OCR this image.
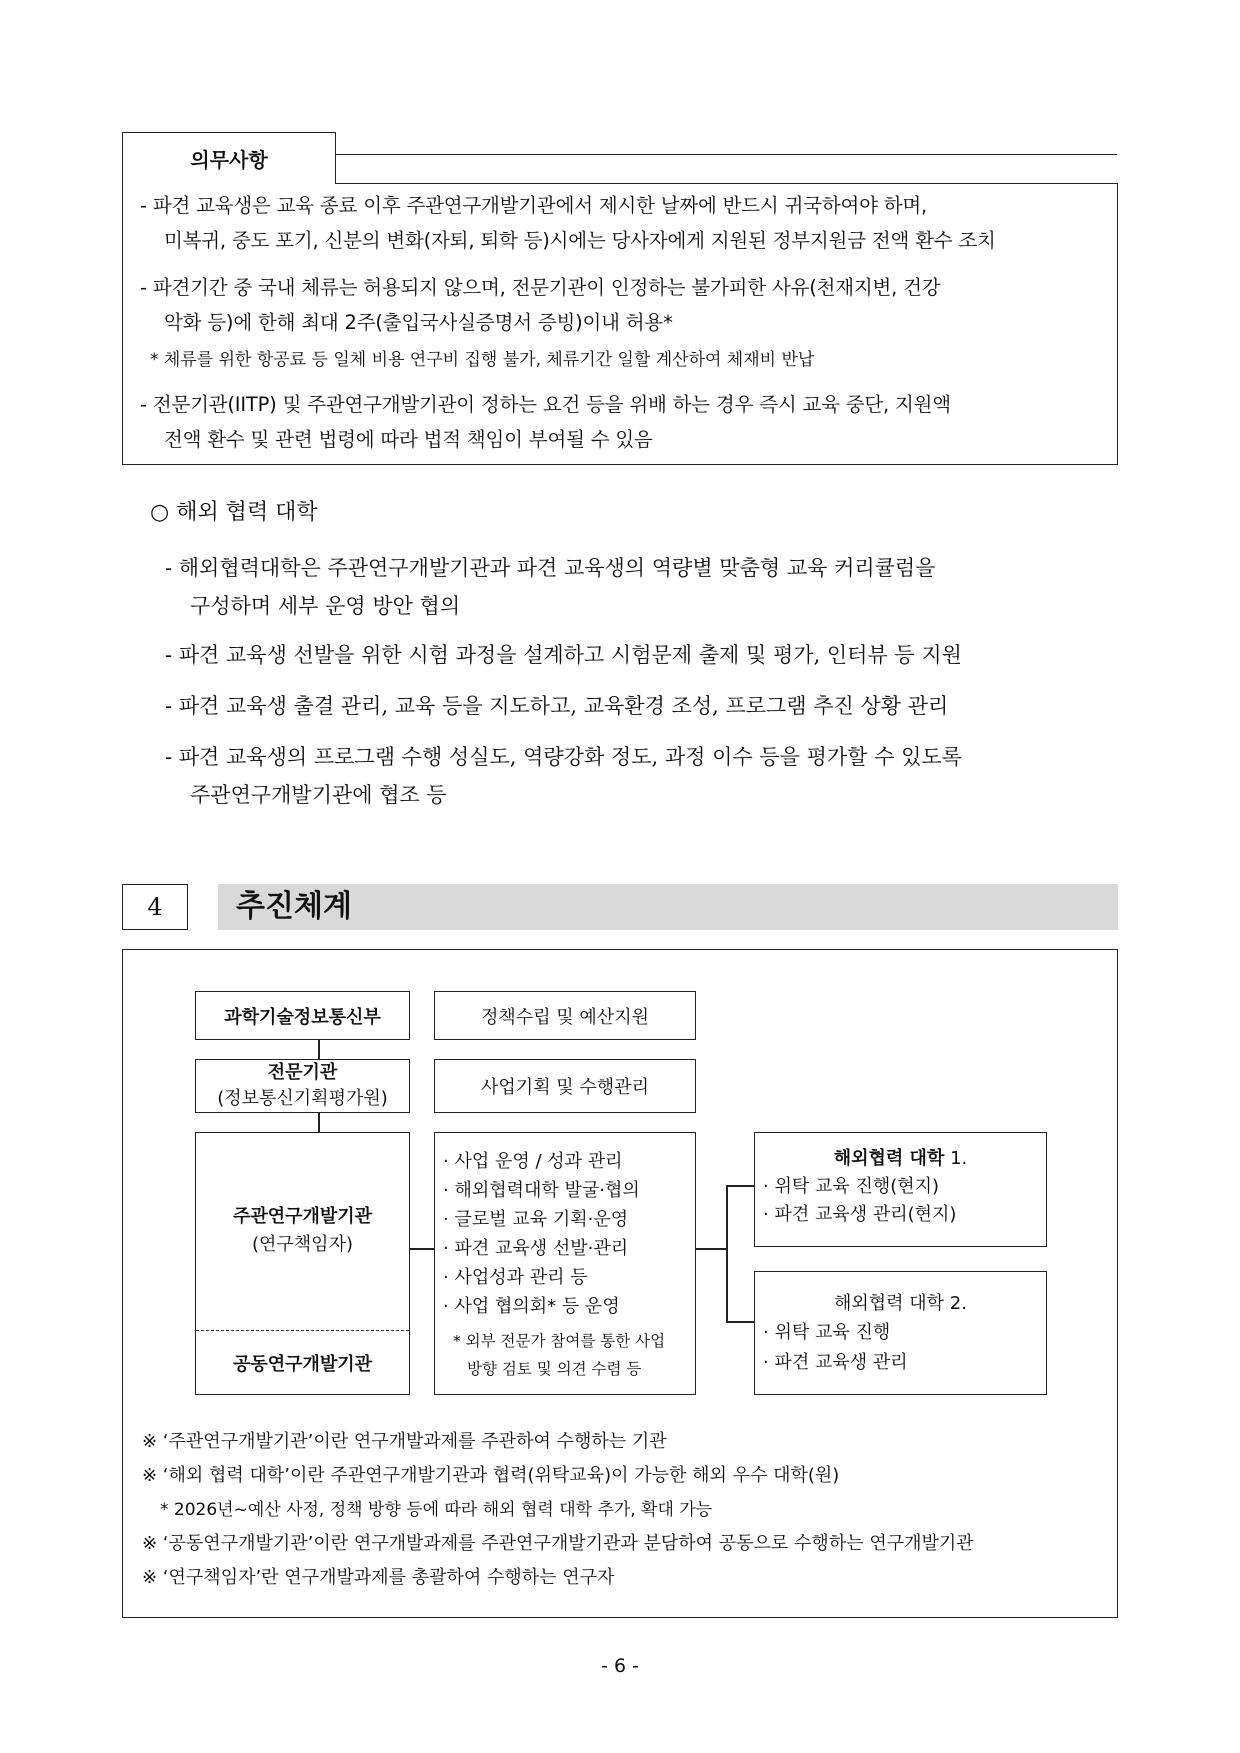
의무사항
- 파견 교육생은 교육 종료 이후 주관연구개발기관에서 제시한 날짜에 반드시 귀국하여야 하며,
미복귀, 중도 포기, 신분의 변화(자퇴, 퇴학 등)시에는 당사자에게 지원된 정부지원금 전액 환수 조치
- 파견기간 중 국내 체류는 허용되지 않으며, 전문기관이 인정하는 불가피한 사유(천재지변, 건강
악화 등)에 한해 최대 2주(출입국사실증명서 증빙)이내 허용*
* 체류를 위한 항공료 등 일체 비용 연구비 집행 불가, 체류기간 일할 계산하여 체재비 반납
- 전문기관(IITP) 및 주관연구개발기관이 정하는 요건 등을 위배 하는 경우 즉시 교육 중단, 지원액
전액 환수 및 관련 법령에 따라 법적 책임이 부여될 수 있음
○ 해외 협력 대학
- 해외협력대학은 주관연구개발기관과 파견 교육생의 역량별 맞춤형 교육 커리큘럼을
구성하며 세부 운영 방안 협의
- 파견 교육생 선발을 위한 시험 과정을 설계하고 시험문제 출제 및 평가, 인터뷰 등 지원
- 파견 교육생 출결 관리, 교육 등을 지도하고, 교육환경 조성, 프로그램 추진 상황 관리
- 파견 교육생의 프로그램 수행 성실도, 역량강화 정도, 과정 이수 등을 평가할 수 있도록
주관연구개발기관에 협조 등
4	추진체계
과학기술정보통신부	정책수립 및 예산지원
전문기관
(정보통신기획평가원)
사업기획 및 수행관리
주관연구개발기관
(연구책임자)
공동연구개발기관
· 사업 운영 / 성과 관리
· 해외협력대학 발굴·협의
· 글로벌 교육 기획·운영
· 파견 교육생 선발·관리
· 사업성과 관리 등
· 사업 협의회* 등 운영
* 외부 전문가 참여를 통한 사업
방향 검토 및 의견 수렴 등
해외협력 대학 1.
· 위탁 교육 진행(현지)
· 파견 교육생 관리(현지)
해외협력 대학 2.
· 위탁 교육 진행
· 파견 교육생 관리
※ ‘주관연구개발기관’이란 연구개발과제를 주관하여 수행하는 기관
※ ‘해외 협력 대학’이란 주관연구개발기관과 협력(위탁교육)이 가능한 해외 우수 대학(원)
* 2026년~예산 사정, 정책 방향 등에 따라 해외 협력 대학 추가, 확대 가능
※ ‘공동연구개발기관’이란 연구개발과제를 주관연구개발기관과 분담하여 공동으로 수행하는 연구개발기관
※ ‘연구책임자’란 연구개발과제를 총괄하여 수행하는 연구자
- 6 -
